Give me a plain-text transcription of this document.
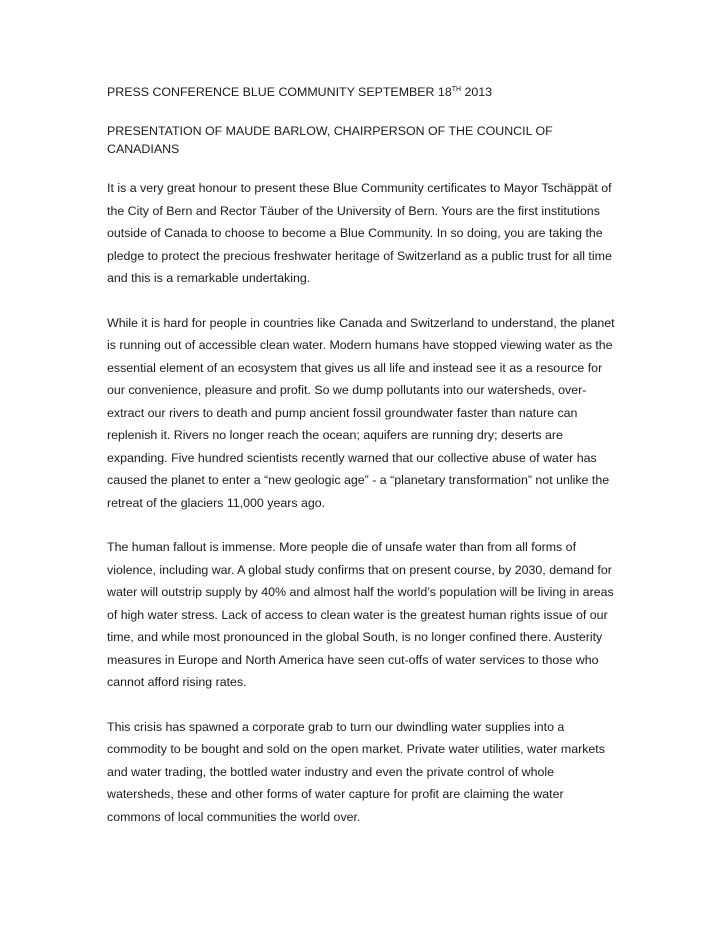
PRESS CONFERENCE BLUE COMMUNITY SEPTEMBER 18TH 2013

PRESENTATION OF MAUDE BARLOW, CHAIRPERSON OF THE COUNCIL OF CANADIANS

It is a very great honour to present these Blue Community certificates to Mayor Tschäppät of the City of Bern and Rector Täuber of the University of Bern. Yours are the first institutions outside of Canada to choose to become a Blue Community. In so doing, you are taking the pledge to protect the precious freshwater heritage of Switzerland as a public trust for all time and this is a remarkable undertaking.

While it is hard for people in countries like Canada and Switzerland to understand, the planet is running out of accessible clean water. Modern humans have stopped viewing water as the essential element of an ecosystem that gives us all life and instead see it as a resource for our convenience, pleasure and profit. So we dump pollutants into our watersheds, over-extract our rivers to death and pump ancient fossil groundwater faster than nature can replenish it. Rivers no longer reach the ocean; aquifers are running dry; deserts are expanding. Five hundred scientists recently warned that our collective abuse of water has caused the planet to enter a “new geologic age” - a “planetary transformation” not unlike the retreat of the glaciers 11,000 years ago.

The human fallout is immense. More people die of unsafe water than from all forms of violence, including war. A global study confirms that on present course, by 2030, demand for water will outstrip supply by 40% and almost half the world’s population will be living in areas of high water stress. Lack of access to clean water is the greatest human rights issue of our time, and while most pronounced in the global South, is no longer confined there. Austerity measures in Europe and North America have seen cut-offs of water services to those who cannot afford rising rates.

This crisis has spawned a corporate grab to turn our dwindling water supplies into a commodity to be bought and sold on the open market. Private water utilities, water markets and water trading, the bottled water industry and even the private control of whole watersheds, these and other forms of water capture for profit are claiming the water commons of local communities the world over.
